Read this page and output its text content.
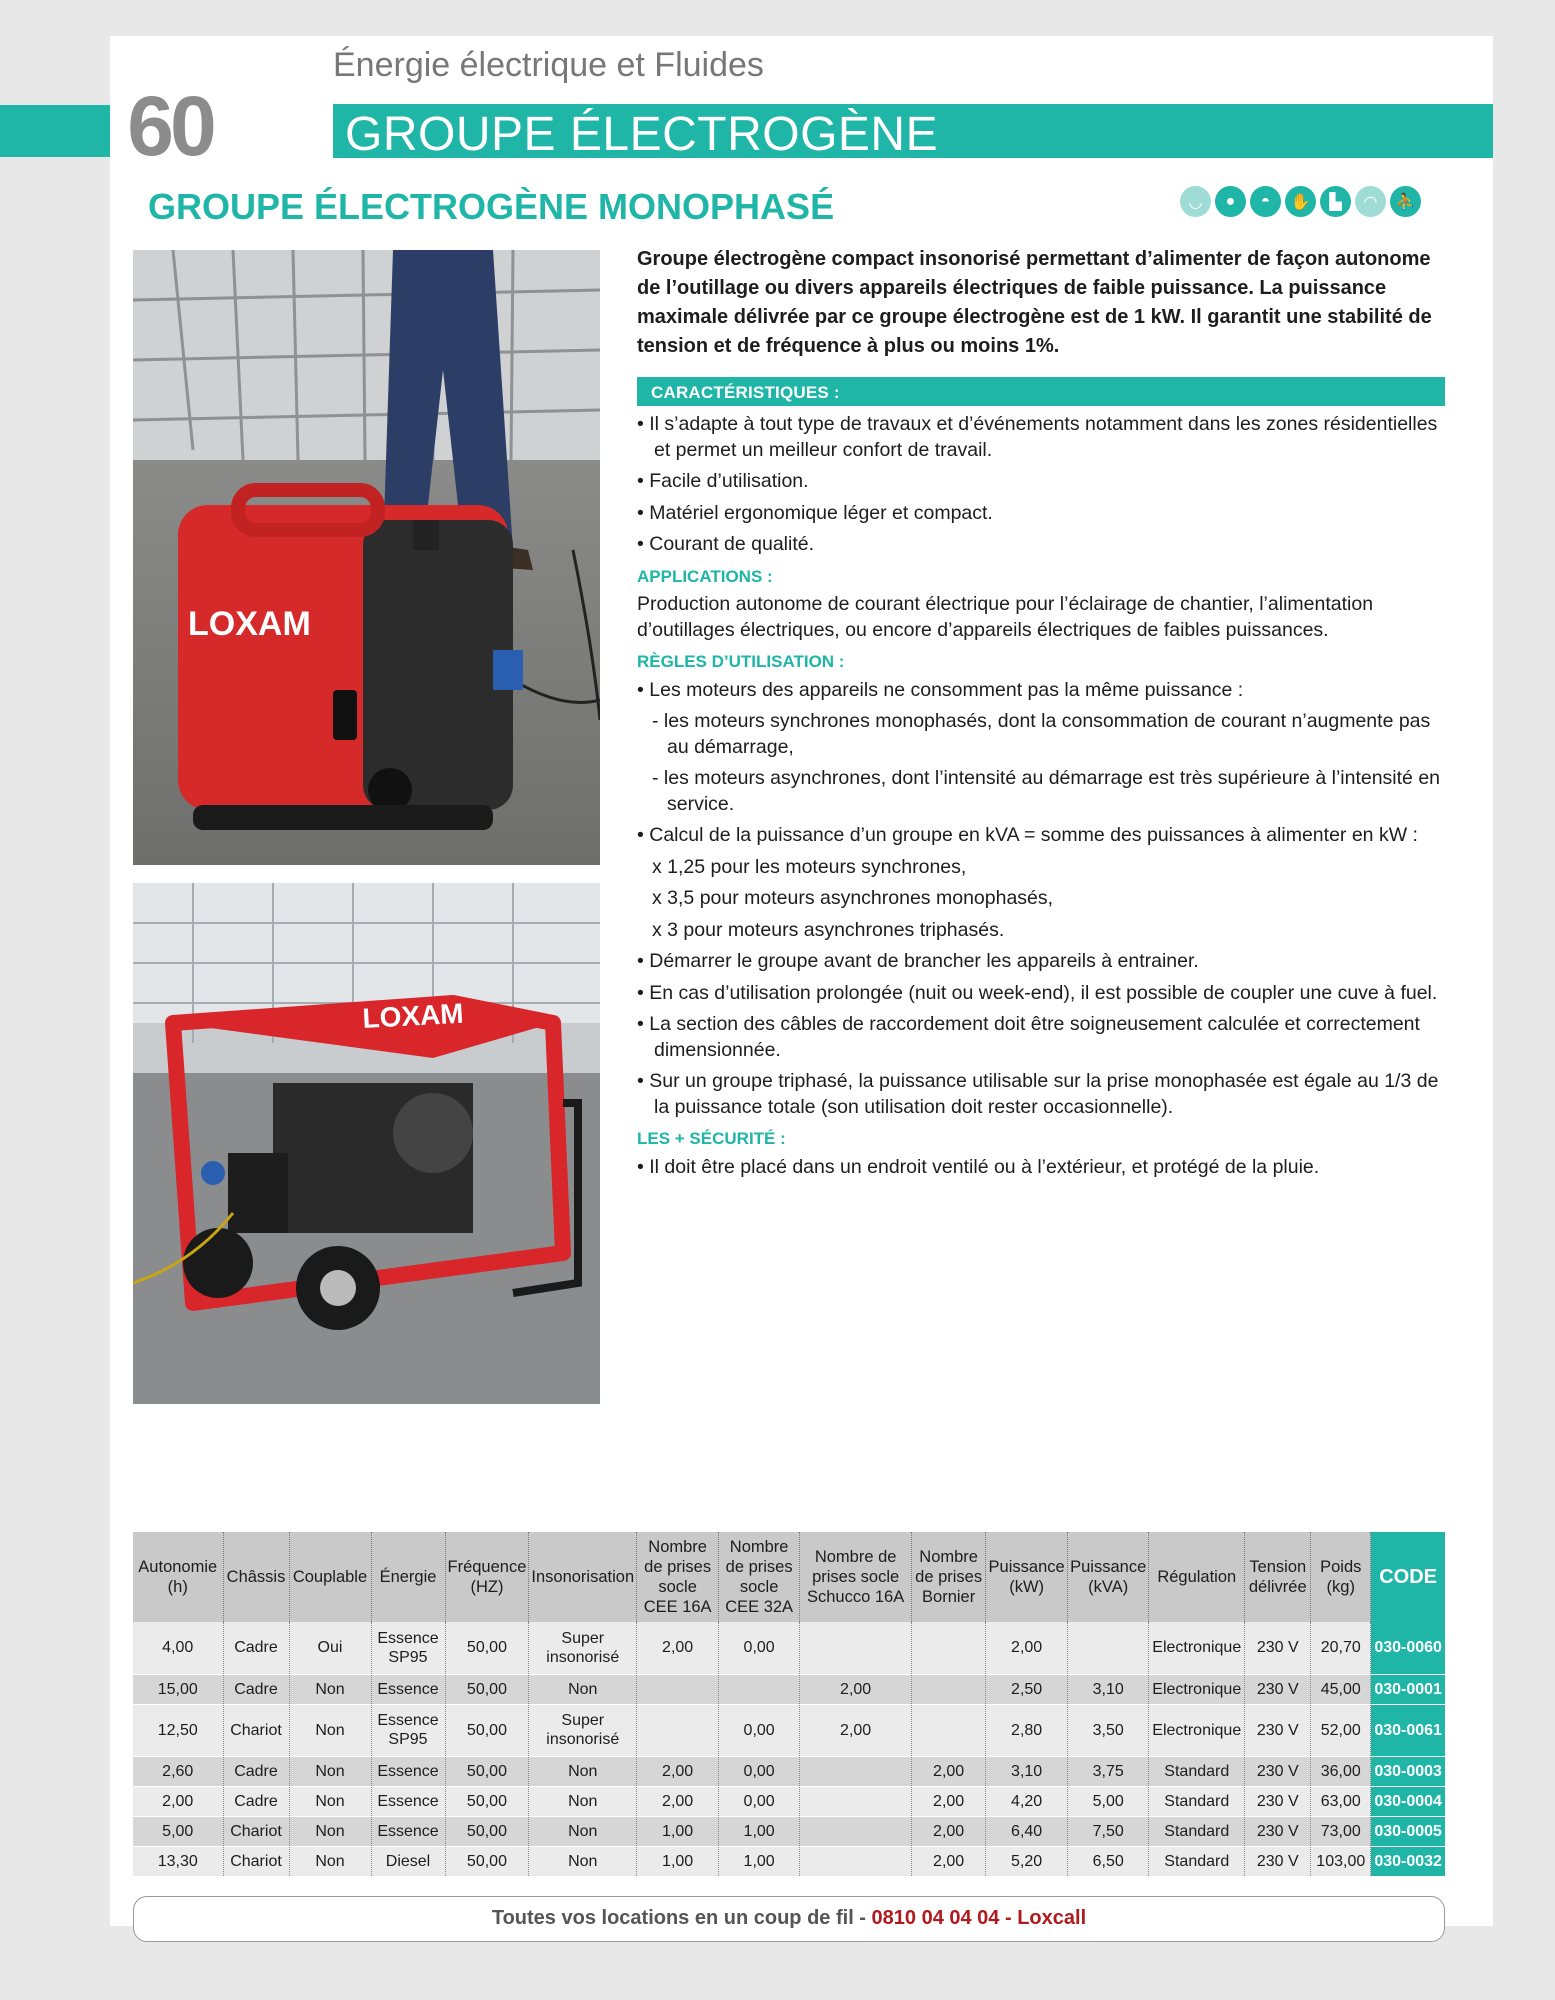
60
Énergie électrique et Fluides
GROUPE ÉLECTROGÈNE
GROUPE ÉLECTROGÈNE MONOPHASÉ	◡	●	◓	✋	▙	◠	⛹
LOXAM
LOXAM
Groupe électrogène compact insonorisé permettant d’alimenter de façon autonome de l’outillage ou divers appareils électriques de faible puissance. La puissance maximale délivrée par ce groupe électrogène est de 1 kW. Il garantit une stabilité de tension et de fréquence à plus ou moins 1%.
CARACTÉRISTIQUES :
• Il s’adapte à tout type de travaux et d’événements notamment dans les zones résidentielles et permet un meilleur confort de travail.
• Facile d’utilisation.
• Matériel ergonomique léger et compact.
• Courant de qualité.
APPLICATIONS :
Production autonome de courant électrique pour l’éclairage de chantier, l’alimentation d’outillages électriques, ou encore d’appareils électriques de faibles puissances.
RÈGLES D’UTILISATION :
• Les moteurs des appareils ne consomment pas la même puissance :
- les moteurs synchrones monophasés, dont la consommation de courant n’augmente pas au démarrage,
- les moteurs asynchrones, dont l’intensité au démarrage est très supérieure à l’intensité en service.
• Calcul de la puissance d’un groupe en kVA = somme des puissances à alimenter en kW :
x 1,25 pour les moteurs synchrones,
x 3,5 pour moteurs asynchrones monophasés,
x 3 pour moteurs asynchrones triphasés.
• Démarrer le groupe avant de brancher les appareils à entrainer.
• En cas d’utilisation prolongée (nuit ou week-end), il est possible de coupler une cuve à fuel.
• La section des câbles de raccordement doit être soigneusement calculée et correctement dimensionnée.
• Sur un groupe triphasé, la puissance utilisable sur la prise monophasée est égale au 1/3 de la puissance totale (son utilisation doit rester occasionnelle).
LES + SÉCURITÉ :
• Il doit être placé dans un endroit ventilé ou à l’extérieur, et protégé de la pluie.
Autonomie (h)	Châssis	Couplable	Énergie	Fréquence (HZ)	Insonorisation	Nombre de prises socle CEE 16A	Nombre de prises socle CEE 32A	Nombre de prises socle Schucco 16A	Nombre de prises Bornier	Puissance (kW)	Puissance (kVA)	Régulation	Tension délivrée	Poids (kg)	CODE
4,00	Cadre	Oui	Essence SP95	50,00	Super insonorisé	2,00	0,00			2,00		Electronique	230 V	20,70	030-0060
15,00	Cadre	Non	Essence	50,00	Non			2,00		2,50	3,10	Electronique	230 V	45,00	030-0001
12,50	Chariot	Non	Essence SP95	50,00	Super insonorisé		0,00	2,00		2,80	3,50	Electronique	230 V	52,00	030-0061
2,60	Cadre	Non	Essence	50,00	Non	2,00	0,00		2,00	3,10	3,75	Standard	230 V	36,00	030-0003
2,00	Cadre	Non	Essence	50,00	Non	2,00	0,00		2,00	4,20	5,00	Standard	230 V	63,00	030-0004
5,00	Chariot	Non	Essence	50,00	Non	1,00	1,00		2,00	6,40	7,50	Standard	230 V	73,00	030-0005
13,30	Chariot	Non	Diesel	50,00	Non	1,00	1,00		2,00	5,20	6,50	Standard	230 V	103,00	030-0032
Toutes vos locations en un coup de fil - 0810 04 04 04 - Loxcall
